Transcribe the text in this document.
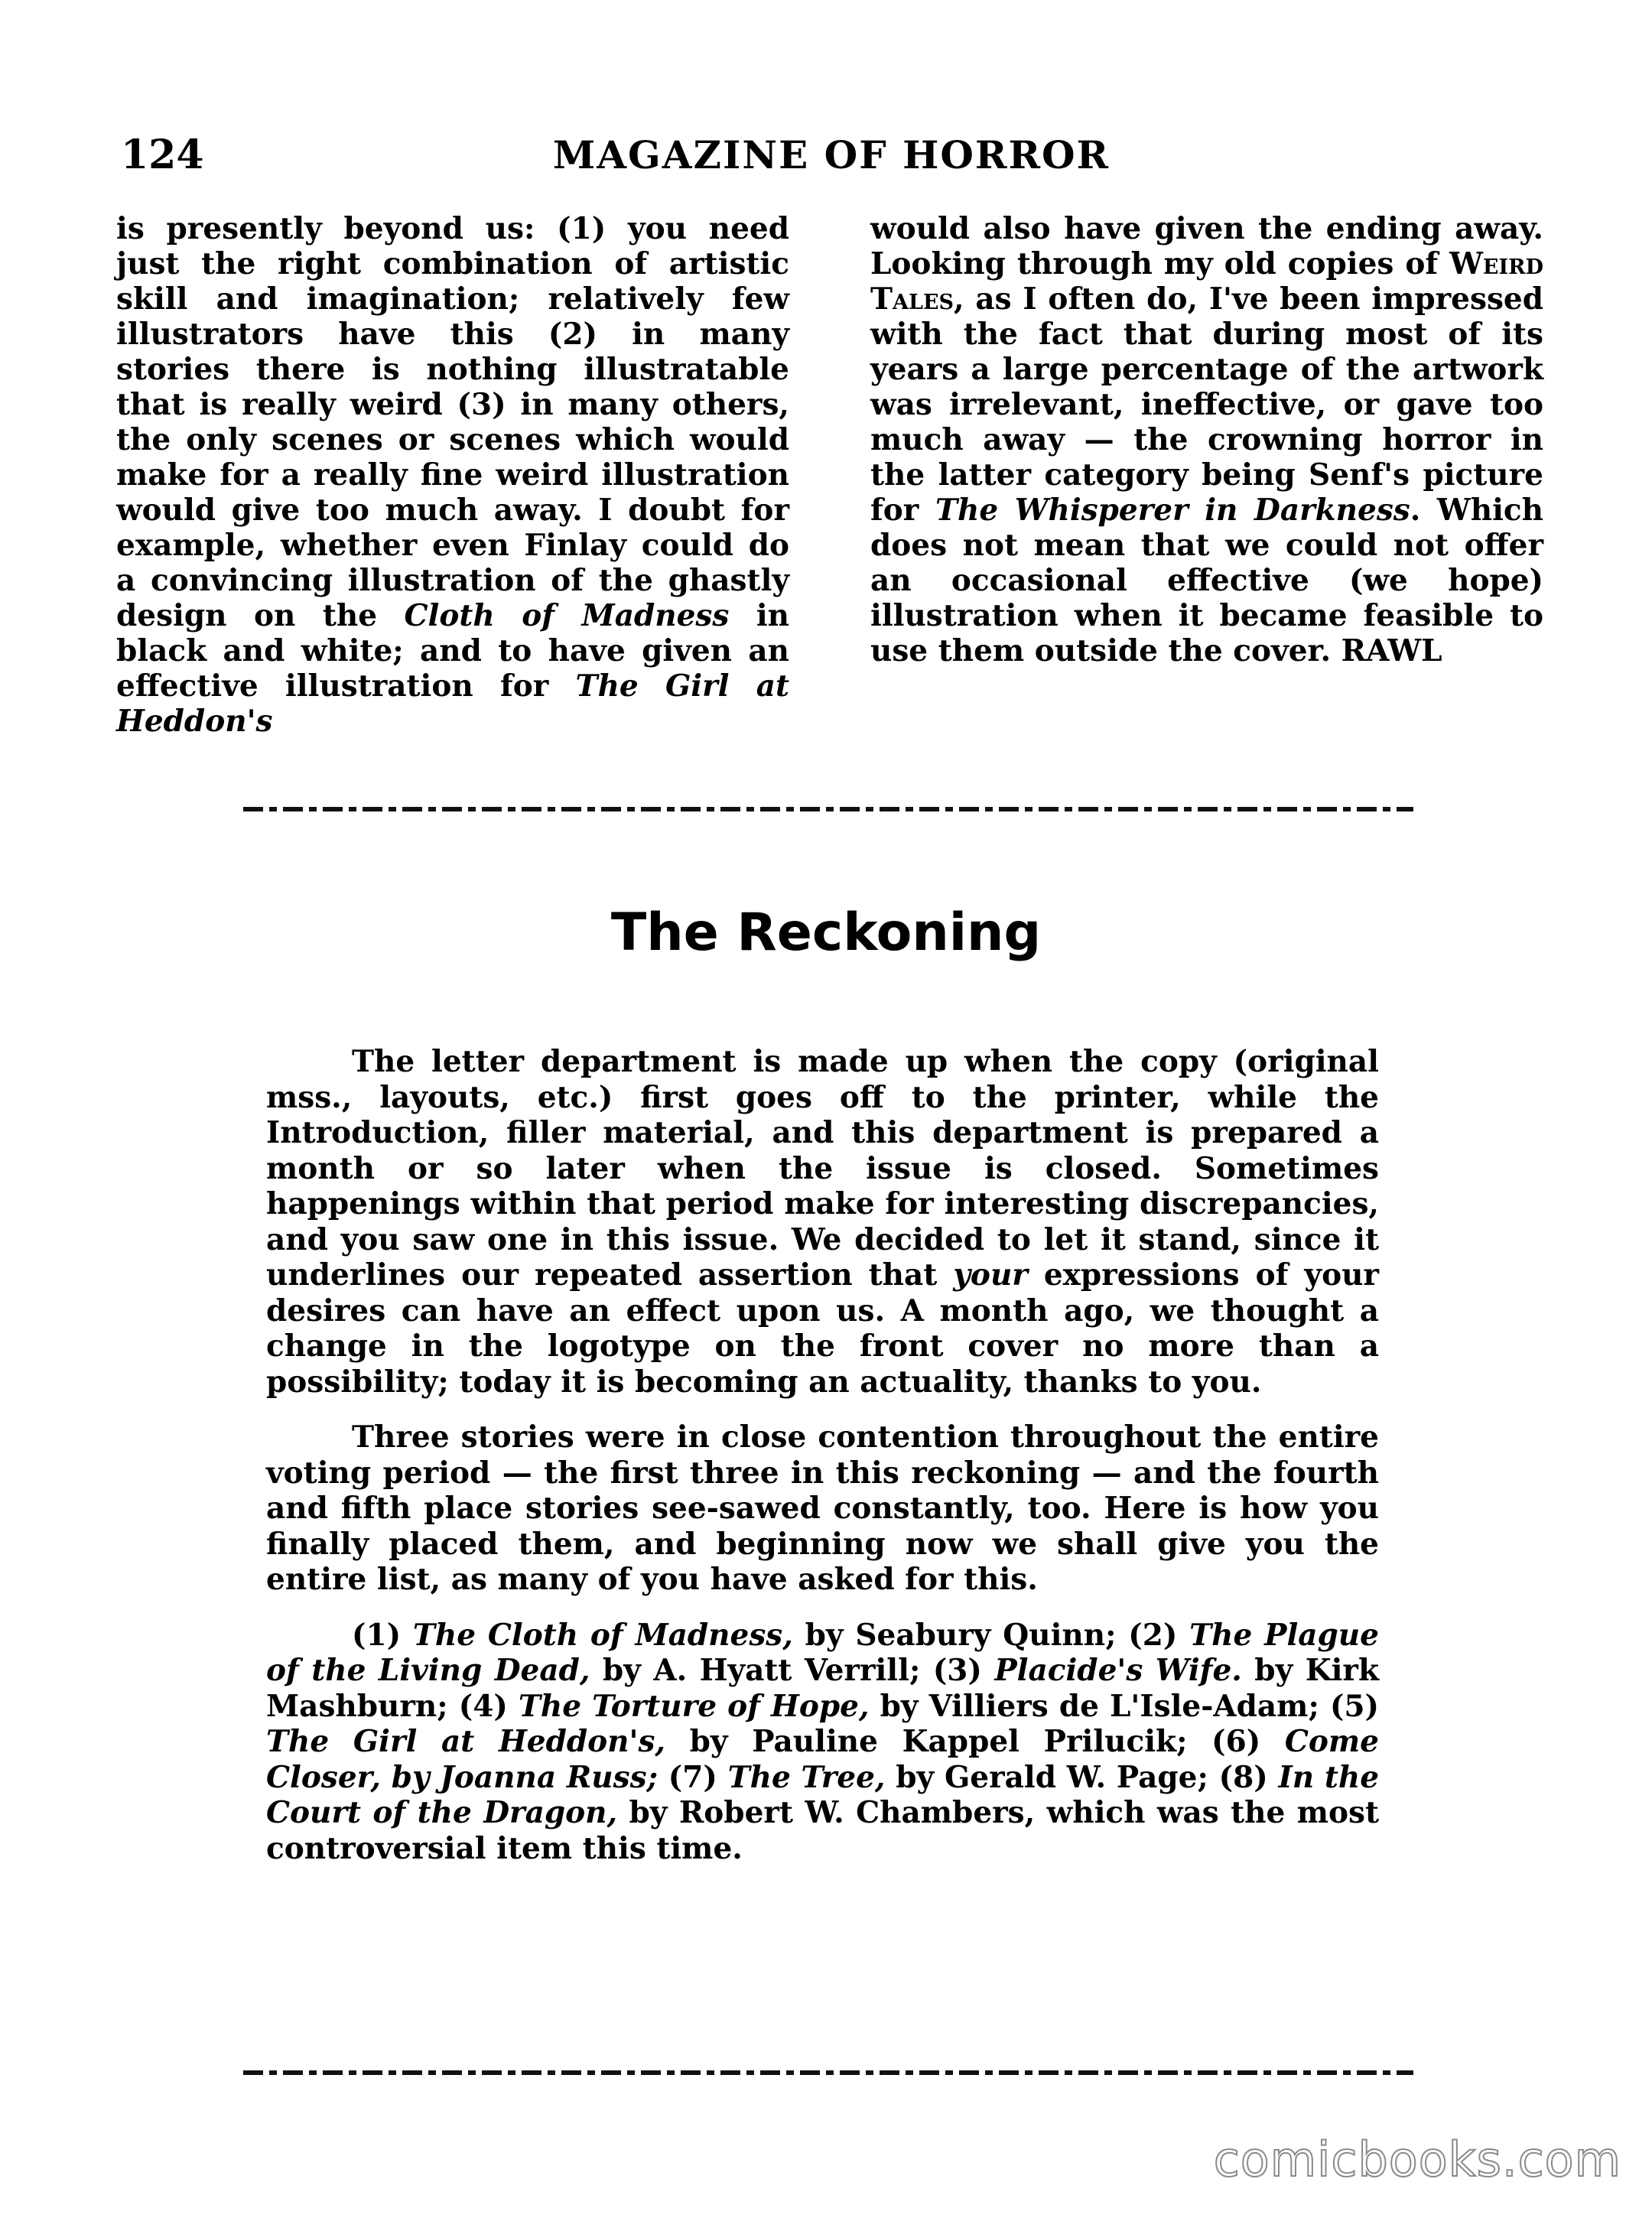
124	MAGAZINE OF HORROR

is presently beyond us: (1) you need just the right combination of artistic skill and imagination; relatively few illustrators have this (2) in many stories there is nothing illustratable that is really weird (3) in many others, the only scenes or scenes which would make for a really fine weird illustration would give too much away. I doubt for example, whether even Finlay could do a convincing illustration of the ghastly design on the Cloth of Madness in black and white; and to have given an effective illustration for The Girl at Heddon's

would also have given the ending away. Looking through my old copies of Weird Tales, as I often do, I've been impressed with the fact that during most of its years a large percentage of the artwork was irrelevant, ineffective, or gave too much away — the crowning horror in the latter category being Senf's picture for The Whisperer in Darkness. Which does not mean that we could not offer an occasional effective (we hope) illustration when it became feasible to use them outside the cover. RAWL

The Reckoning

The letter department is made up when the copy (original mss., layouts, etc.) first goes off to the printer, while the Introduction, filler material, and this department is prepared a month or so later when the issue is closed. Sometimes happenings within that period make for interesting discrepancies, and you saw one in this issue. We decided to let it stand, since it underlines our repeated assertion that your expressions of your desires can have an effect upon us. A month ago, we thought a change in the logotype on the front cover no more than a possibility; today it is becoming an actuality, thanks to you.

Three stories were in close contention throughout the entire voting period — the first three in this reckoning — and the fourth and fifth place stories see-sawed constantly, too. Here is how you finally placed them, and beginning now we shall give you the entire list, as many of you have asked for this.

(1) The Cloth of Madness, by Seabury Quinn; (2) The Plague of the Living Dead, by A. Hyatt Verrill; (3) Placide's Wife. by Kirk Mashburn; (4) The Torture of Hope, by Villiers de L'Isle-Adam; (5) The Girl at Heddon's, by Pauline Kappel Prilucik; (6) Come Closer, by Joanna Russ; (7) The Tree, by Gerald W. Page; (8) In the Court of the Dragon, by Robert W. Chambers, which was the most controversial item this time.

comicbooks.com
